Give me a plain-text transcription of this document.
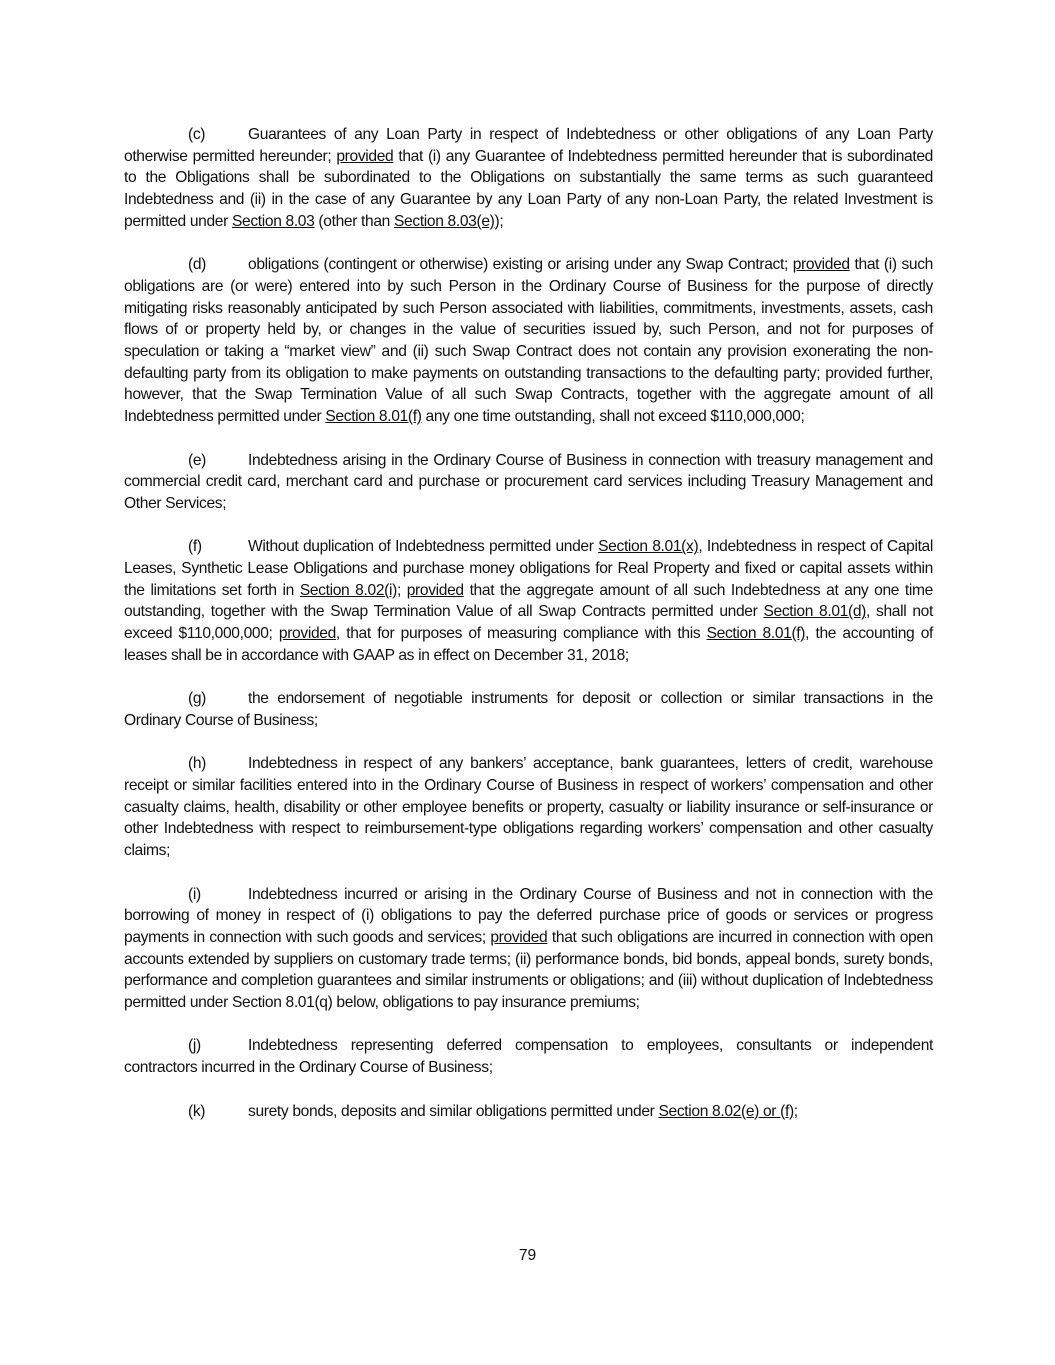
(c)	Guarantees of any Loan Party in respect of Indebtedness or other obligations of any Loan Party otherwise permitted hereunder; provided that (i) any Guarantee of Indebtedness permitted hereunder that is subordinated to the Obligations shall be subordinated to the Obligations on substantially the same terms as such guaranteed Indebtedness and (ii) in the case of any Guarantee by any Loan Party of any non-Loan Party, the related Investment is permitted under Section 8.03 (other than Section 8.03(e));

(d)	obligations (contingent or otherwise) existing or arising under any Swap Contract; provided that (i) such obligations are (or were) entered into by such Person in the Ordinary Course of Business for the purpose of directly mitigating risks reasonably anticipated by such Person associated with liabilities, commitments, investments, assets, cash flows of or property held by, or changes in the value of securities issued by, such Person, and not for purposes of speculation or taking a “market view” and (ii) such Swap Contract does not contain any provision exonerating the non-defaulting party from its obligation to make payments on outstanding transactions to the defaulting party; provided further, however, that the Swap Termination Value of all such Swap Contracts, together with the aggregate amount of all Indebtedness permitted under Section 8.01(f) any one time outstanding, shall not exceed $110,000,000;

(e)	Indebtedness arising in the Ordinary Course of Business in connection with treasury management and commercial credit card, merchant card and purchase or procurement card services including Treasury Management and Other Services;

(f)	Without duplication of Indebtedness permitted under Section 8.01(x), Indebtedness in respect of Capital Leases, Synthetic Lease Obligations and purchase money obligations for Real Property and fixed or capital assets within the limitations set forth in Section 8.02(i); provided that the aggregate amount of all such Indebtedness at any one time outstanding, together with the Swap Termination Value of all Swap Contracts permitted under Section 8.01(d), shall not exceed $110,000,000; provided, that for purposes of measuring compliance with this Section 8.01(f), the accounting of leases shall be in accordance with GAAP as in effect on December 31, 2018;

(g)	the endorsement of negotiable instruments for deposit or collection or similar transactions in the Ordinary Course of Business;

(h)	Indebtedness in respect of any bankers’ acceptance, bank guarantees, letters of credit, warehouse receipt or similar facilities entered into in the Ordinary Course of Business in respect of workers’ compensation and other casualty claims, health, disability or other employee benefits or property, casualty or liability insurance or self-insurance or other Indebtedness with respect to reimbursement-type obligations regarding workers’ compensation and other casualty claims;

(i)	Indebtedness incurred or arising in the Ordinary Course of Business and not in connection with the borrowing of money in respect of (i) obligations to pay the deferred purchase price of goods or services or progress payments in connection with such goods and services; provided that such obligations are incurred in connection with open accounts extended by suppliers on customary trade terms; (ii) performance bonds, bid bonds, appeal bonds, surety bonds, performance and completion guarantees and similar instruments or obligations; and (iii) without duplication of Indebtedness permitted under Section 8.01(q) below, obligations to pay insurance premiums;

(j)	Indebtedness representing deferred compensation to employees, consultants or independent contractors incurred in the Ordinary Course of Business;

(k)	surety bonds, deposits and similar obligations permitted under Section 8.02(e) or (f);

79
